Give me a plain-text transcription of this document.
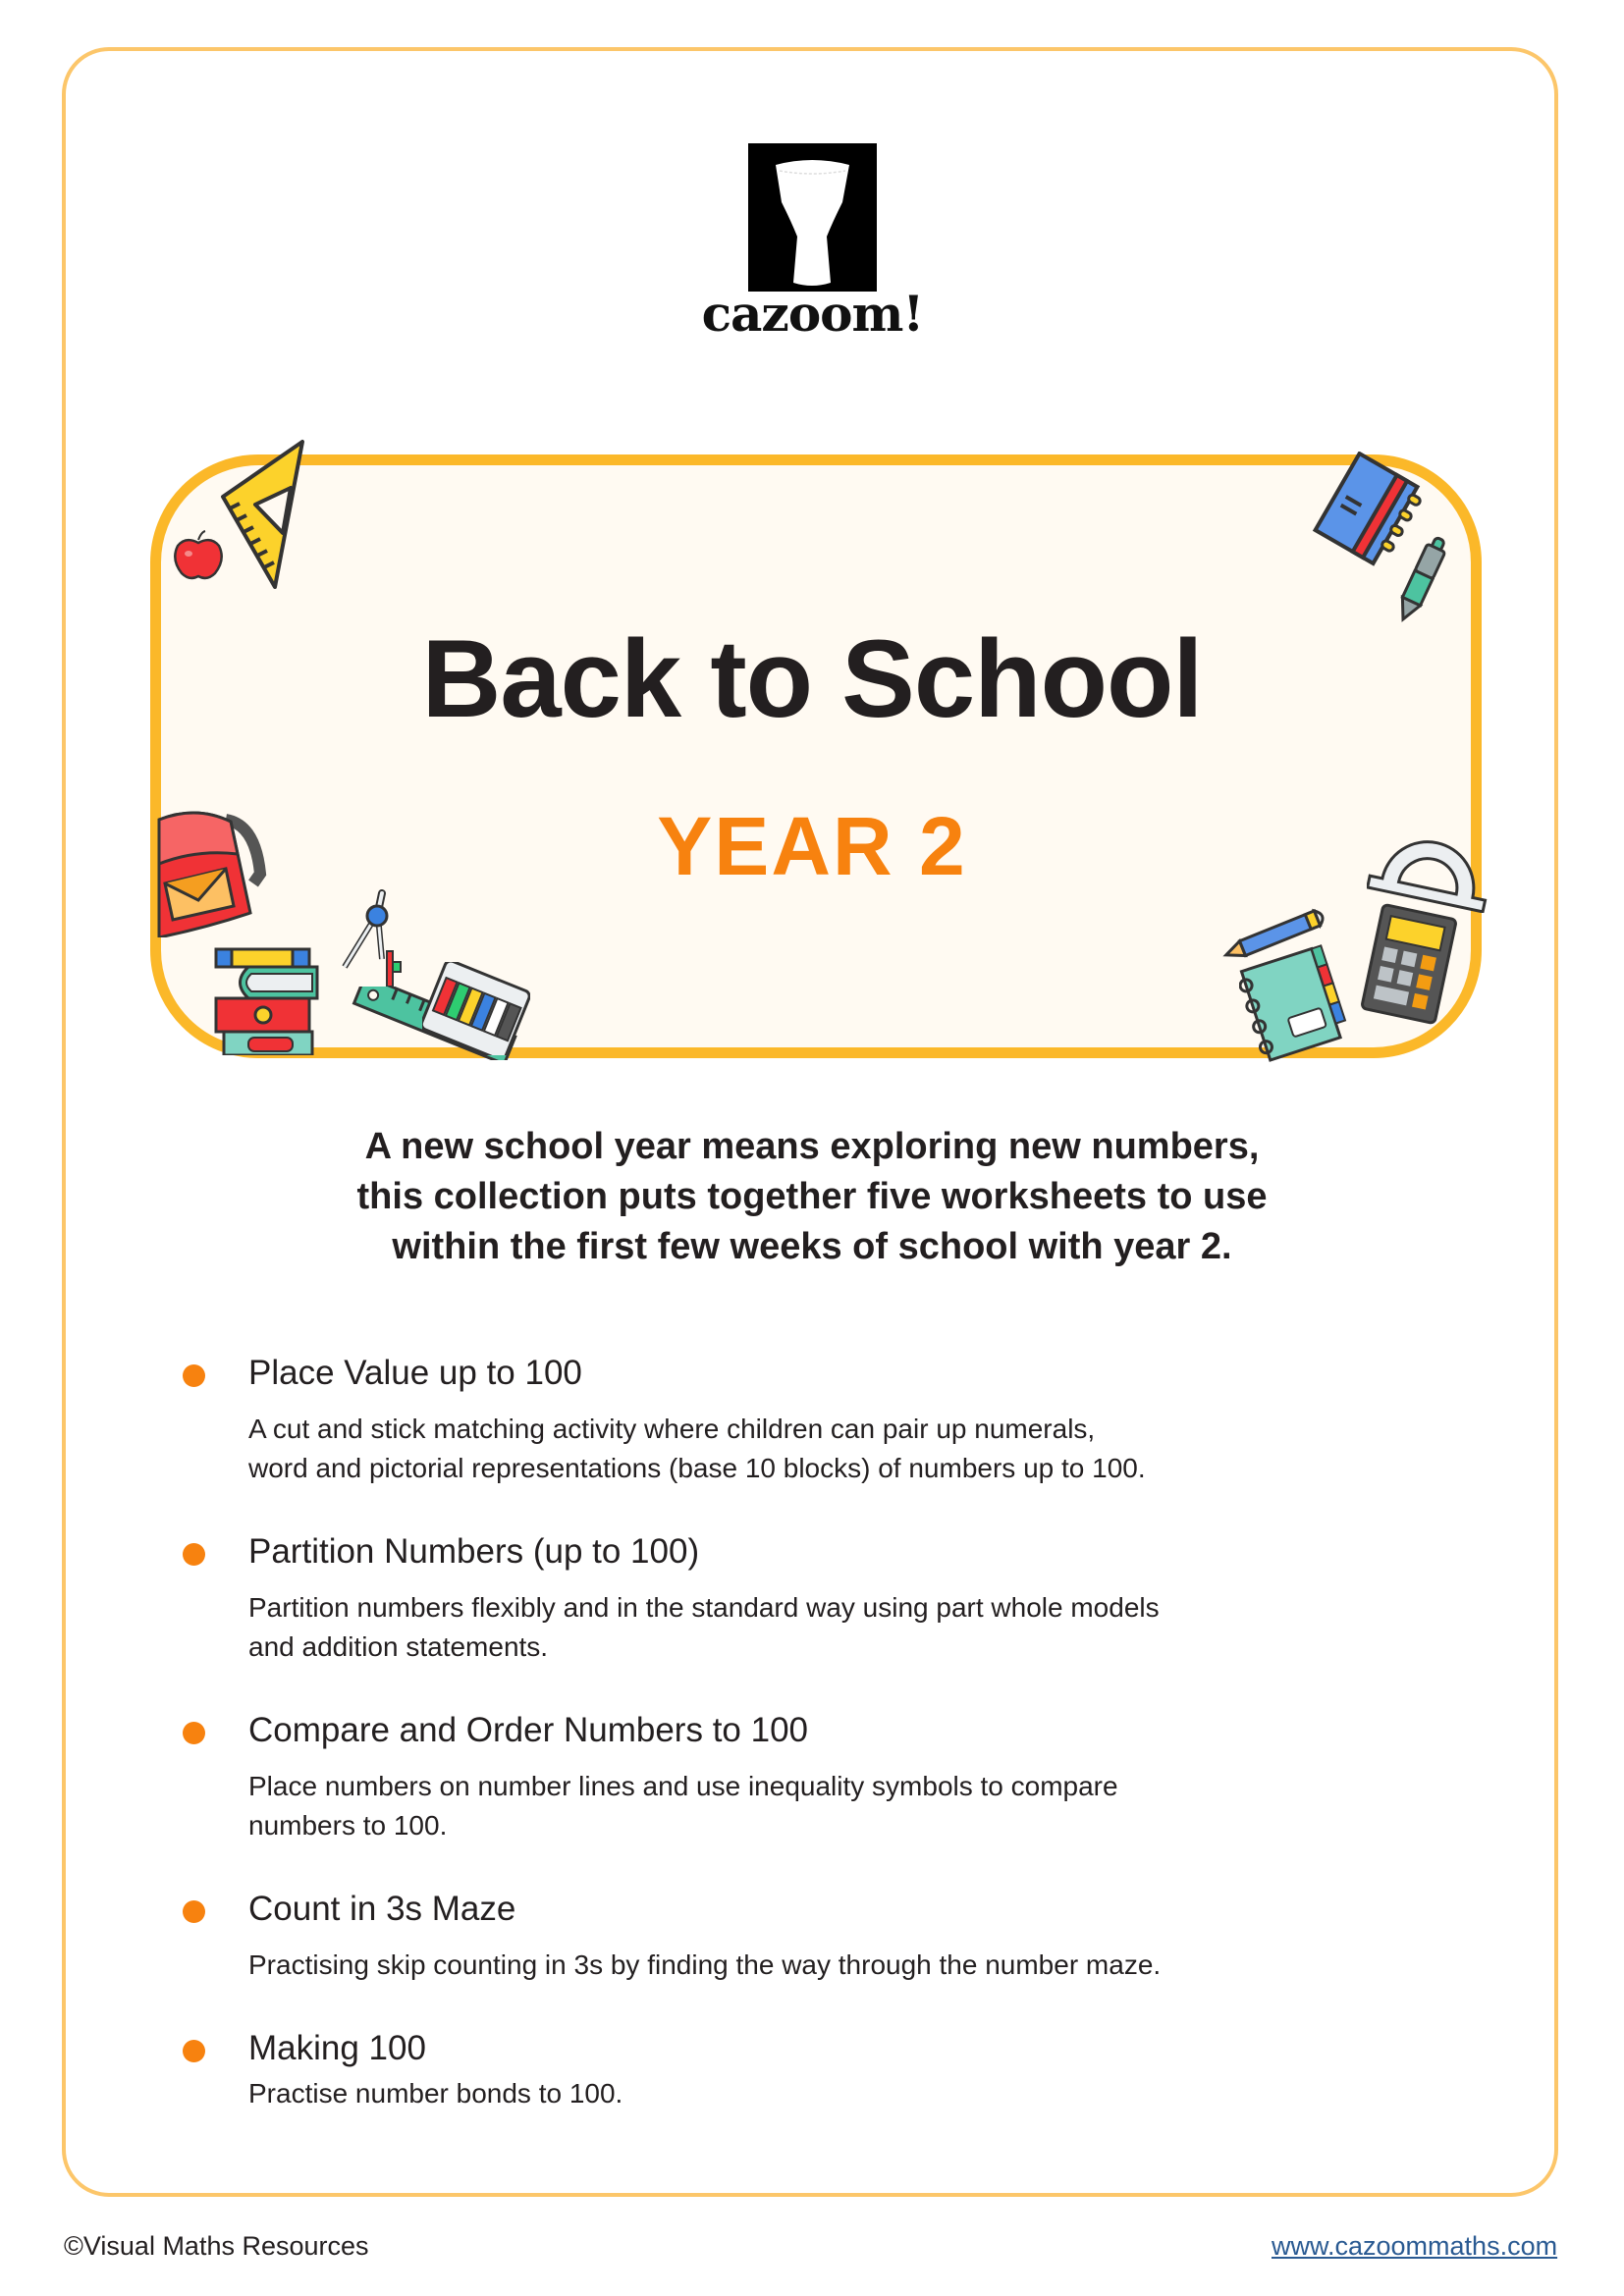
cazoom!
Back to School
YEAR 2
A new school year means exploring new numbers,
this collection puts together five worksheets to use
within the first few weeks of school with year 2.
Place Value up to 100
A cut and stick matching activity where children can pair up numerals,
word and pictorial representations (base 10 blocks) of numbers up to 100.
Partition Numbers (up to 100)
Partition numbers flexibly and in the standard way using part whole models
and addition statements.
Compare and Order Numbers to 100
Place numbers on number lines and use inequality symbols to compare
numbers to 100.
Count in 3s Maze
Practising skip counting in 3s by finding the way through the number maze.
Making 100
Practise number bonds to 100.
©Visual Maths Resources	www.cazoommaths.com
